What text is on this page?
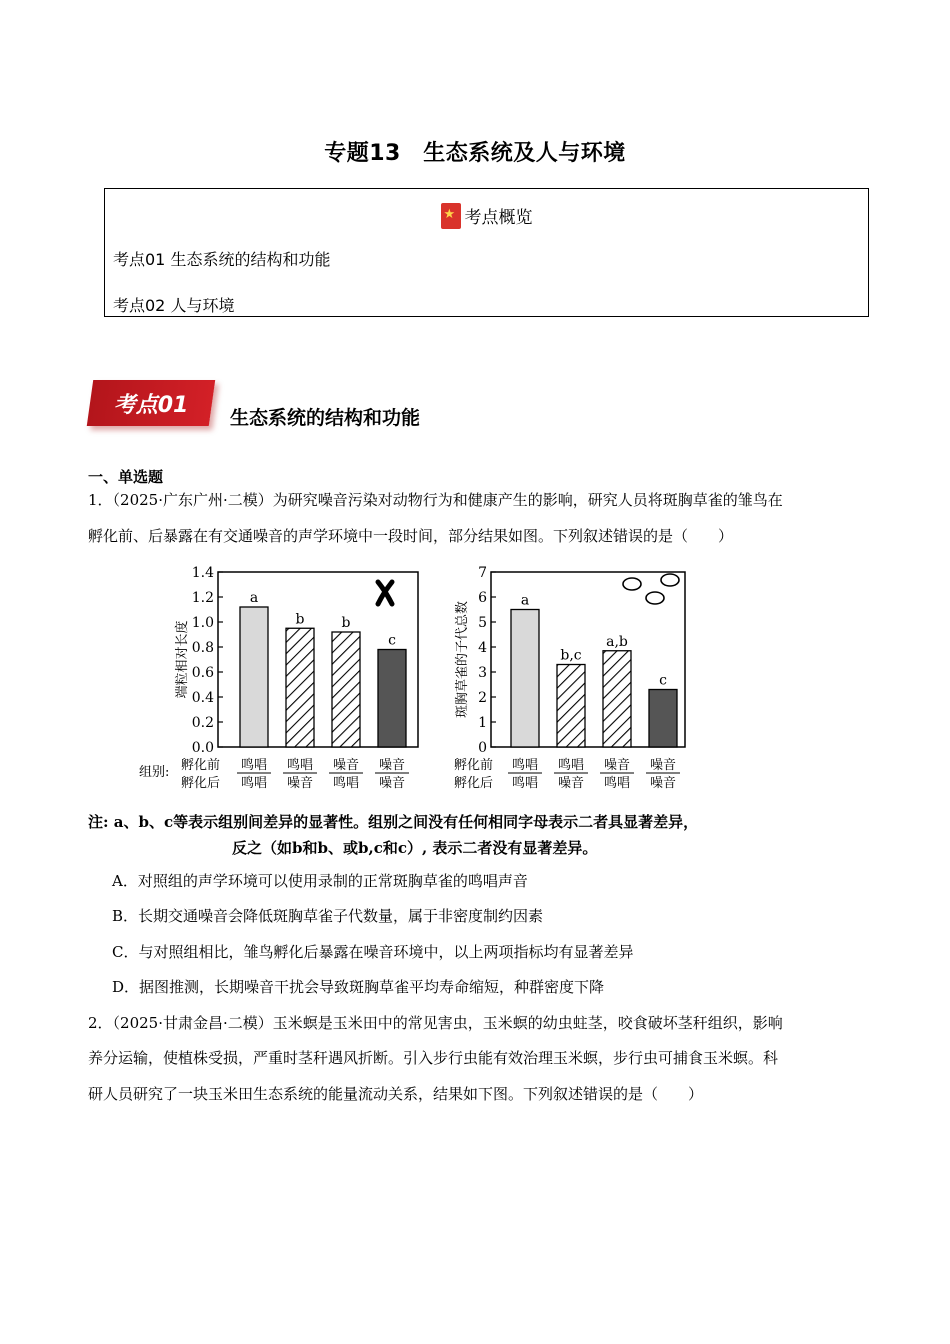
专题13　生态系统及人与环境
★考点概览
考点01 生态系统的结构和功能
考点02 人与环境
考点01
生态系统的结构和功能
一、单选题
1．（2025·广东广州·二模）为研究噪音污染对动物行为和健康产生的影响，研究人员将斑胸草雀的雏鸟在
孵化前、后暴露在有交通噪音的声学环境中一段时间，部分结果如图。下列叙述错误的是（　　）
0.0
0.2
0.4
0.6
0.8
1.0
1.2
1.4
端粒相对长度
a
鸣唱
鸣唱
b
鸣唱
噪音
b
噪音
鸣唱
c
噪音
噪音
0
1
2
3
4
5
6
7
斑胸草雀的子代总数
a
鸣唱
鸣唱
b,c
鸣唱
噪音
a,b
噪音
鸣唱
c
噪音
噪音
组别: 孵化前
孵化后
孵化前
孵化后
注: a、b、c等表示组别间差异的显著性。组别之间没有任何相同字母表示二者具显著差异，
反之（如b和b、或b,c和c）, 表示二者没有显著差异。
A．对照组的声学环境可以使用录制的正常斑胸草雀的鸣唱声音
B．长期交通噪音会降低斑胸草雀子代数量，属于非密度制约因素
C．与对照组相比，雏鸟孵化后暴露在噪音环境中，以上两项指标均有显著差异
D．据图推测，长期噪音干扰会导致斑胸草雀平均寿命缩短，种群密度下降
2．（2025·甘肃金昌·二模）玉米螟是玉米田中的常见害虫，玉米螟的幼虫蛀茎，咬食破坏茎秆组织，影响
养分运输，使植株受损，严重时茎秆遇风折断。引入步行虫能有效治理玉米螟，步行虫可捕食玉米螟。科
研人员研究了一块玉米田生态系统的能量流动关系，结果如下图。下列叙述错误的是（　　）
